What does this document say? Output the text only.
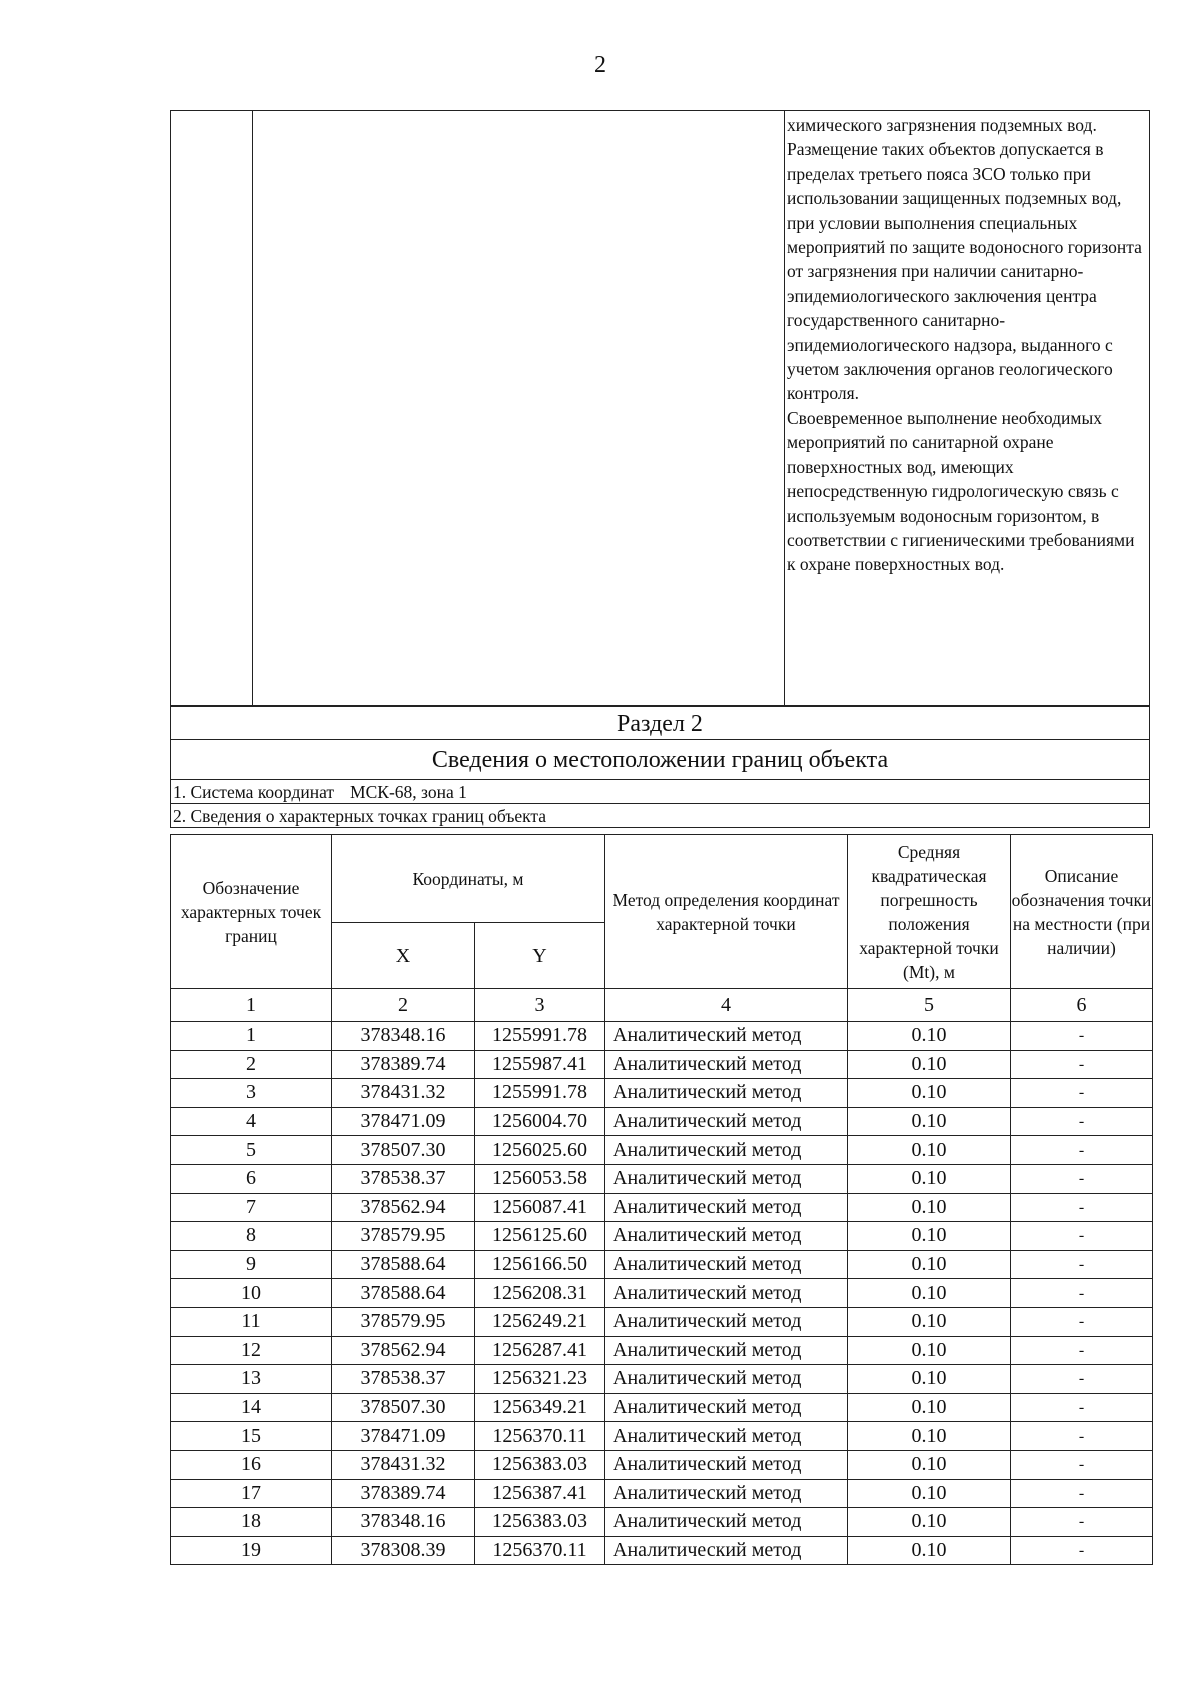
2

химического загрязнения подземных вод.

Размещение таких объектов допускается в пределах третьего пояса ЗСО только при использовании защищенных подземных вод, при условии выполнения специальных мероприятий по защите водоносного горизонта от загрязнения при наличии санитарно-эпидемиологического заключения центра государственного санитарно-эпидемиологического надзора, выданного с учетом заключения органов геологического контроля.

Своевременное выполнение необходимых мероприятий по санитарной охране поверхностных вод, имеющих непосредственную гидрологическую связь с используемым водоносным горизонтом, в соответствии с гигиеническими требованиями к охране поверхностных вод.

Раздел 2
Сведения о местоположении границ объекта
1. Система координат МСК-68, зона 1
2. Сведения о характерных точках границ объекта
Обозначение характерных точек границ	Координаты, м		Метод определения координат характерной точки	Средняя квадратическая погрешность положения характерной точки (Mt), м	Описание обозначения точки на местности (при наличии)
	X	Y			
1	2	3	4	5	6
1	378348.16	1255991.78	Аналитический метод	0.10	-
2	378389.74	1255987.41	Аналитический метод	0.10	-
3	378431.32	1255991.78	Аналитический метод	0.10	-
4	378471.09	1256004.70	Аналитический метод	0.10	-
5	378507.30	1256025.60	Аналитический метод	0.10	-
6	378538.37	1256053.58	Аналитический метод	0.10	-
7	378562.94	1256087.41	Аналитический метод	0.10	-
8	378579.95	1256125.60	Аналитический метод	0.10	-
9	378588.64	1256166.50	Аналитический метод	0.10	-
10	378588.64	1256208.31	Аналитический метод	0.10	-
11	378579.95	1256249.21	Аналитический метод	0.10	-
12	378562.94	1256287.41	Аналитический метод	0.10	-
13	378538.37	1256321.23	Аналитический метод	0.10	-
14	378507.30	1256349.21	Аналитический метод	0.10	-
15	378471.09	1256370.11	Аналитический метод	0.10	-
16	378431.32	1256383.03	Аналитический метод	0.10	-
17	378389.74	1256387.41	Аналитический метод	0.10	-
18	378348.16	1256383.03	Аналитический метод	0.10	-
19	378308.39	1256370.11	Аналитический метод	0.10	-
